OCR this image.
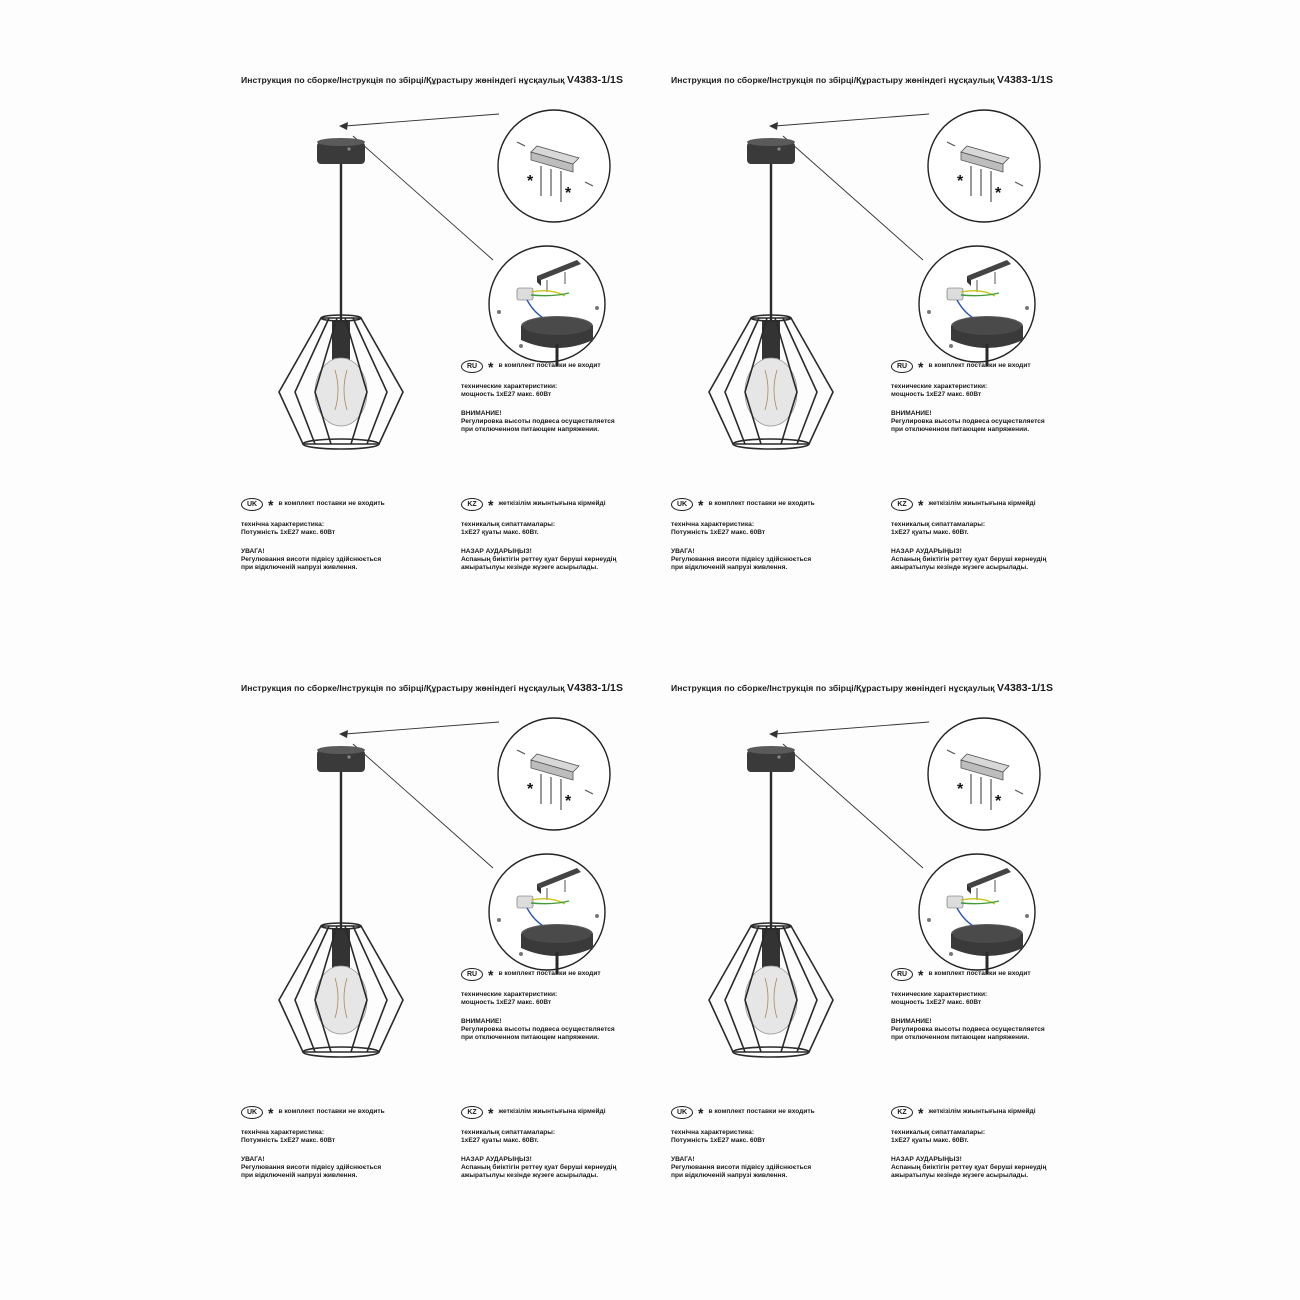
Инструкция по сборке/Інструкція по збірці/Құрастыру жөніндегі нұсқаулық V4383-1/1S
*
*
RU * в комплект поставки не входит
технические характеристики:
мощность 1хЕ27 макс. 60Вт
ВНИМАНИЕ!
Регулировка высоты подвеса осуществляется
при отключенном питающем напряжении.
UK * в комплект поставки не входить
технічна характеристика:
Потужність 1хЕ27 макс. 60Вт
УВАГА!
Регулювання висоти підвісу здійснюється
при відключеній напрузі живлення.
KZ * жеткізілім жиынтығына кірмейді
техникалық сипаттамалары:
1хЕ27 қуаты макс. 60Вт.
НАЗАР АУДАРЫҢЫЗ!
Аспаның биіктігін реттеу қуат беруші кернеудің
ажыратылуы кезінде жүзеге асырылады.
Инструкция по сборке/Інструкція по збірці/Құрастыру жөніндегі нұсқаулық V4383-1/1S
*
*
RU * в комплект поставки не входит
технические характеристики:
мощность 1хЕ27 макс. 60Вт
ВНИМАНИЕ!
Регулировка высоты подвеса осуществляется
при отключенном питающем напряжении.
UK * в комплект поставки не входить
технічна характеристика:
Потужність 1хЕ27 макс. 60Вт
УВАГА!
Регулювання висоти підвісу здійснюється
при відключеній напрузі живлення.
KZ * жеткізілім жиынтығына кірмейді
техникалық сипаттамалары:
1хЕ27 қуаты макс. 60Вт.
НАЗАР АУДАРЫҢЫЗ!
Аспаның биіктігін реттеу қуат беруші кернеудің
ажыратылуы кезінде жүзеге асырылады.
Инструкция по сборке/Інструкція по збірці/Құрастыру жөніндегі нұсқаулық V4383-1/1S
*
*
RU * в комплект поставки не входит
технические характеристики:
мощность 1хЕ27 макс. 60Вт
ВНИМАНИЕ!
Регулировка высоты подвеса осуществляется
при отключенном питающем напряжении.
UK * в комплект поставки не входить
технічна характеристика:
Потужність 1хЕ27 макс. 60Вт
УВАГА!
Регулювання висоти підвісу здійснюється
при відключеній напрузі живлення.
KZ * жеткізілім жиынтығына кірмейді
техникалық сипаттамалары:
1хЕ27 қуаты макс. 60Вт.
НАЗАР АУДАРЫҢЫЗ!
Аспаның биіктігін реттеу қуат беруші кернеудің
ажыратылуы кезінде жүзеге асырылады.
Инструкция по сборке/Інструкція по збірці/Құрастыру жөніндегі нұсқаулық V4383-1/1S
*
*
RU * в комплект поставки не входит
технические характеристики:
мощность 1хЕ27 макс. 60Вт
ВНИМАНИЕ!
Регулировка высоты подвеса осуществляется
при отключенном питающем напряжении.
UK * в комплект поставки не входить
технічна характеристика:
Потужність 1хЕ27 макс. 60Вт
УВАГА!
Регулювання висоти підвісу здійснюється
при відключеній напрузі живлення.
KZ * жеткізілім жиынтығына кірмейді
техникалық сипаттамалары:
1хЕ27 қуаты макс. 60Вт.
НАЗАР АУДАРЫҢЫЗ!
Аспаның биіктігін реттеу қуат беруші кернеудің
ажыратылуы кезінде жүзеге асырылады.
